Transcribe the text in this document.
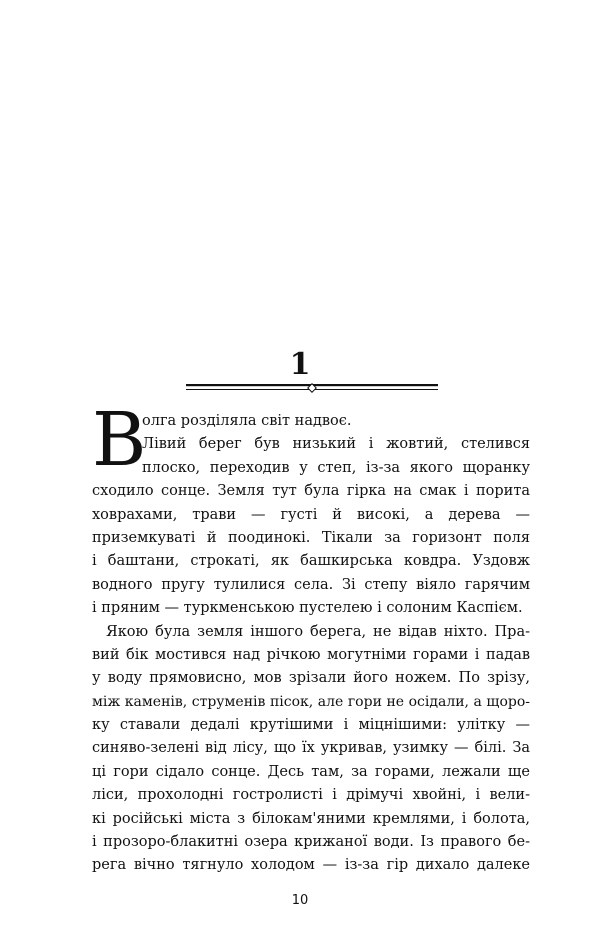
1

В
олга розділяла світ надвоє.
Лівий берег був низький і жовтий, стелився
плоско, переходив у степ, із-за якого щоранку
сходило сонце. Земля тут була гірка на смак і порита
ховрахами, трави — густі й високі, а дерева —
приземкуваті й поодинокі. Тікали за горизонт поля
і баштани, строкаті, як башкирська ковдра. Уздовж
водного пругу тулилися села. Зі степу віяло гарячим
і пряним — туркменською пустелею і солоним Каспієм.

Якою була земля іншого берега, не відав ніхто. Пра-
вий бік мостився над річкою могутніми горами і падав
у воду прямовисно, мов зрізали його ножем. По зрізу,
між каменів, струменів пісок, але гори не осідали, а щоро-
ку ставали дедалі крутішими і міцнішими: улітку —
синяво-зелені від лісу, що їх укривав, узимку — білі. За
ці гори сідало сонце. Десь там, за горами, лежали ще
ліси, прохолодні гостролисті і дрімучі хвойні, і вели-
кі російські міста з білокам'яними кремлями, і болота,
і прозоро-блакитні озера крижаної води. Із правого бе-
рега вічно тягнуло холодом — із-за гір дихало далеке

10
